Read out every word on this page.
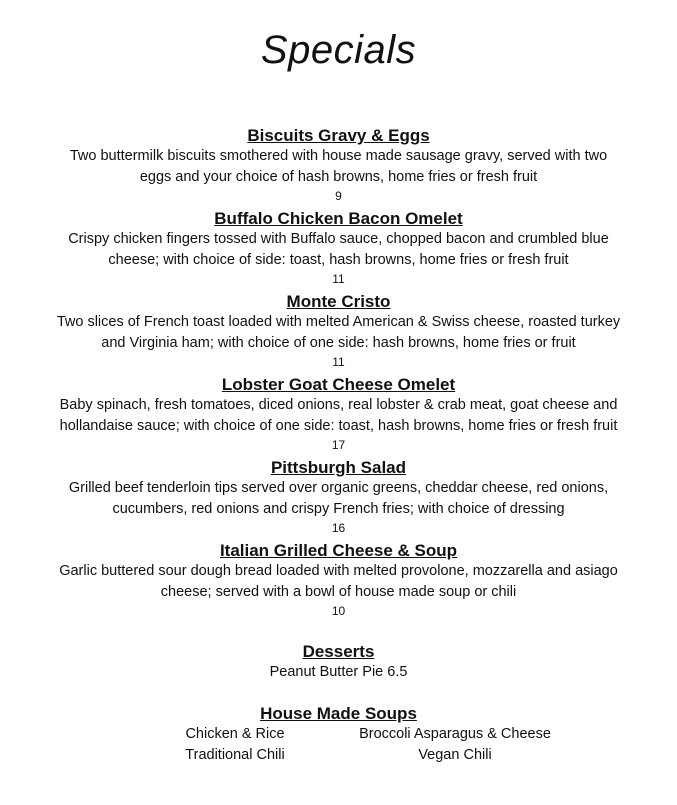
Specials
Biscuits Gravy & Eggs
Two buttermilk biscuits smothered with house made sausage gravy, served with two
eggs and your choice of hash browns, home fries or fresh fruit
9
Buffalo Chicken Bacon Omelet
Crispy chicken fingers tossed with Buffalo sauce, chopped bacon and crumbled blue
cheese; with choice of side: toast, hash browns, home fries or fresh fruit
11
Monte Cristo
Two slices of French toast loaded with melted American & Swiss cheese, roasted turkey
and Virginia ham; with choice of one side: hash browns, home fries or fruit
11
Lobster Goat Cheese Omelet
Baby spinach, fresh tomatoes, diced onions, real lobster & crab meat, goat cheese and
hollandaise sauce; with choice of one side: toast, hash browns, home fries or fresh fruit
17
Pittsburgh Salad
Grilled beef tenderloin tips served over organic greens, cheddar cheese, red onions,
cucumbers, red onions and crispy French fries; with choice of dressing
16
Italian Grilled Cheese & Soup
Garlic buttered sour dough bread loaded with melted provolone, mozzarella and asiago
cheese; served with a bowl of house made soup or chili
10
Desserts
Peanut Butter Pie 6.5
House Made Soups
Chicken & Rice	Broccoli Asparagus & Cheese
Traditional Chili	Vegan Chili
